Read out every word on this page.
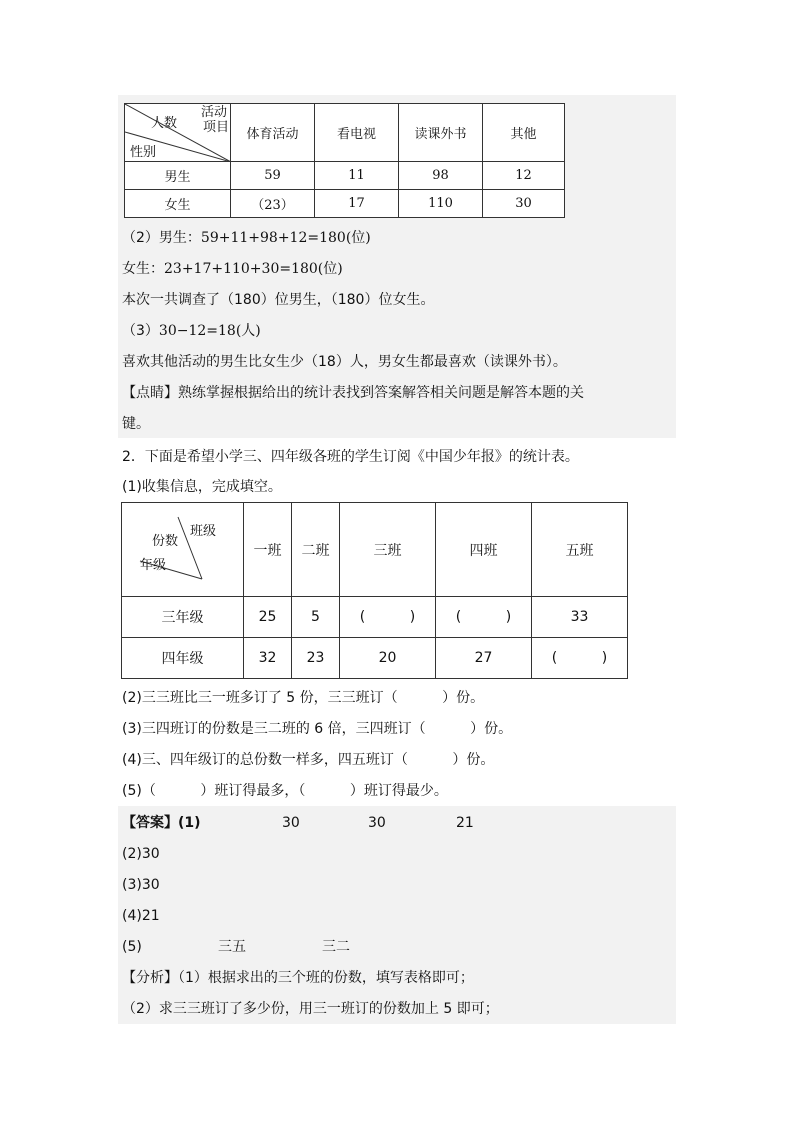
活动
项目
人数
性别	体育活动	看电视	读课外书	其他
男生	59	11	98	12
女生	（23）	17	110	30
（2）男生：59+11+98+12=180(位)
女生：23+17+110+30=180(位)
本次一共调查了（180）位男生，（180）位女生。
（3）30−12=18(人)
喜欢其他活动的男生比女生少（18）人，男女生都最喜欢（读课外书）。
【点睛】熟练掌握根据给出的统计表找到答案解答相关问题是解答本题的关
键。
2．下面是希望小学三、四年级各班的学生订阅《中国少年报》的统计表。
(1)收集信息，完成填空。
班级
份数
年级	一班	二班	三班	四班	五班
三年级	25	5	(          )	(          )	33
四年级	32	23	20	27	(          )
(2)三三班比三一班多订了 5 份，三三班订（          ）份。
(3)三四班订的份数是三二班的 6 倍，三四班订（          ）份。
(4)三、四年级订的总份数一样多，四五班订（          ）份。
(5)（          ）班订得最多，（          ）班订得最少。
【答案】(1)	30	30	21
(2)30
(3)30
(4)21
(5)	三五	三二
【分析】（1）根据求出的三个班的份数，填写表格即可；
（2）求三三班订了多少份，用三一班订的份数加上 5 即可；
